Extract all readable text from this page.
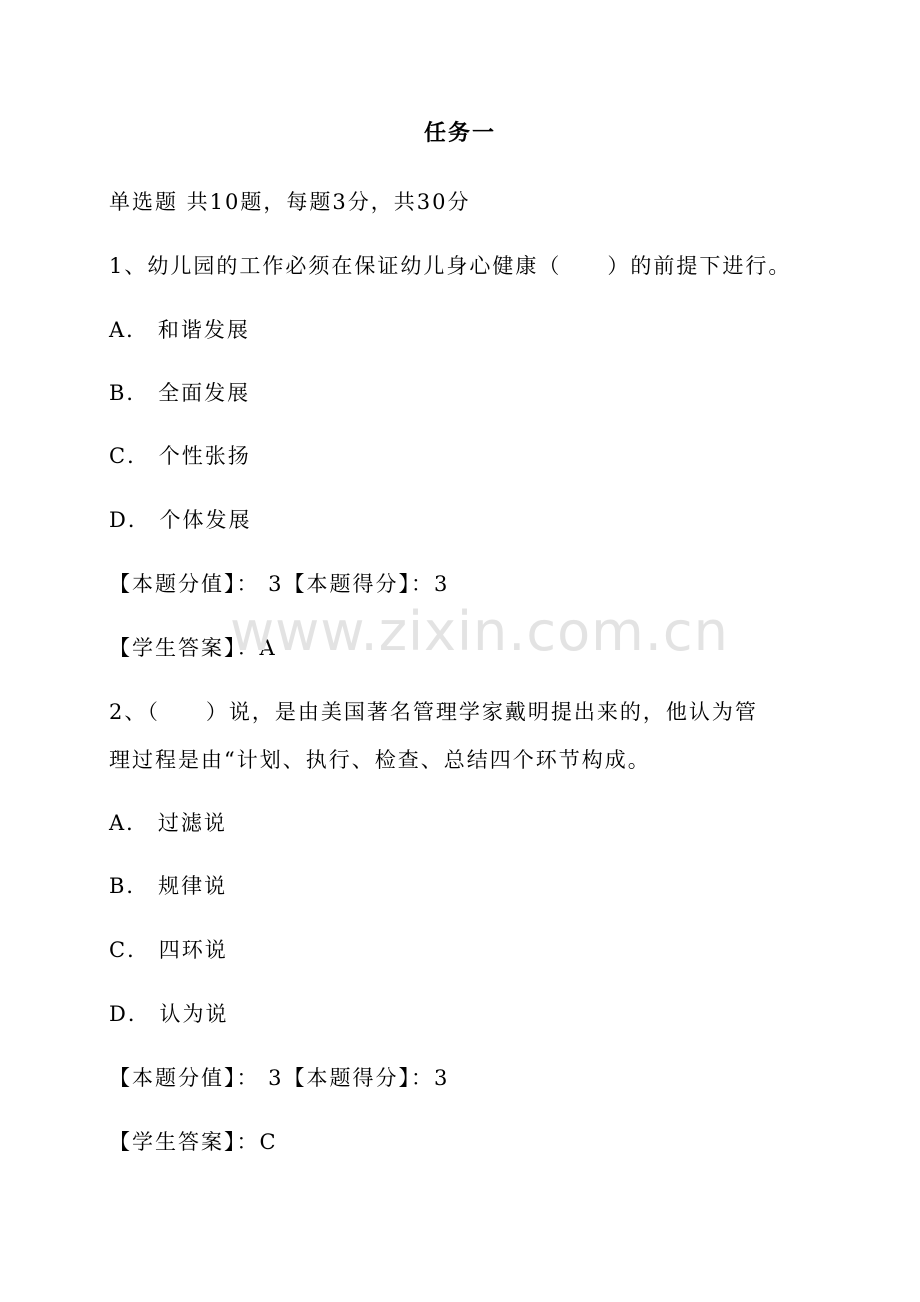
任务一
单选题 共10题，每题3分，共30分
1、幼儿园的工作必须在保证幼儿身心健康（　　）的前提下进行。
A． 和谐发展
B． 全面发展
C． 个性张扬
D． 个体发展
【本题分值】： 3【本题得分】：3
【学生答案】：A
2、（　　）说，是由美国著名管理学家戴明提出来的，他认为管
理过程是由“计划、执行、检查、总结四个环节构成。
A． 过滤说
B． 规律说
C． 四环说
D． 认为说
【本题分值】： 3【本题得分】：3
【学生答案】：C
www.zixin.com.cn
